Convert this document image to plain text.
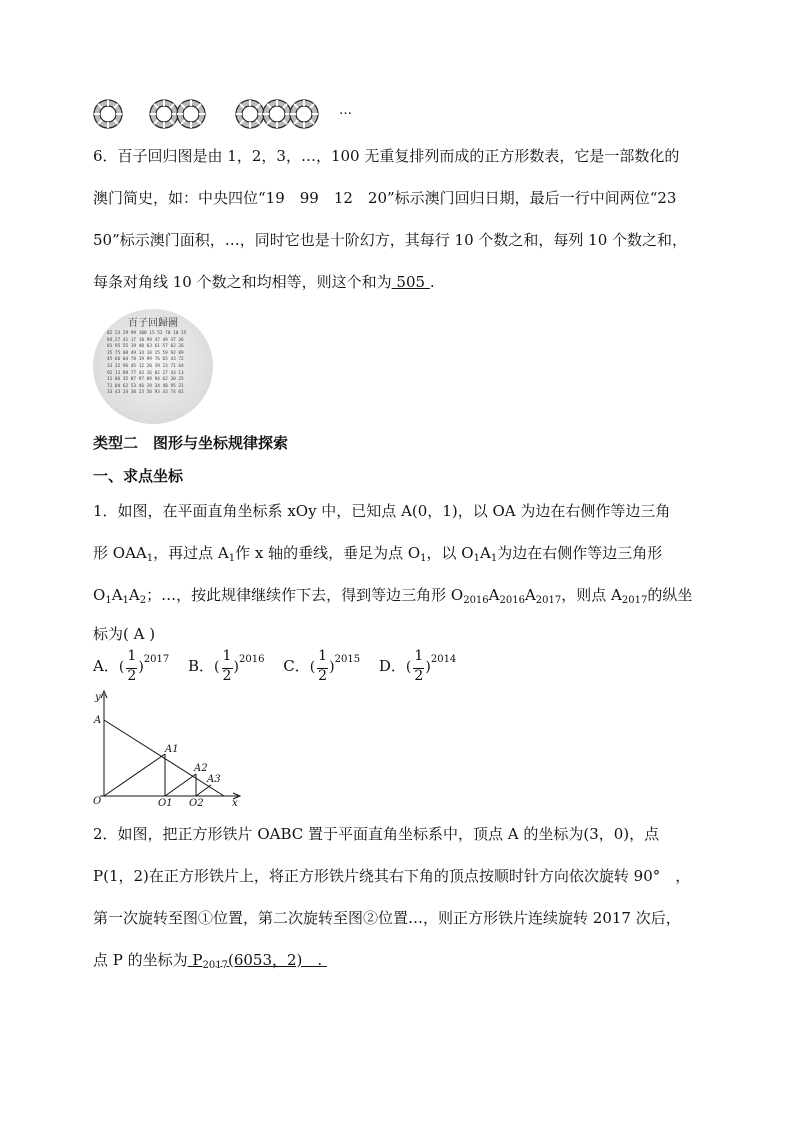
…
6．百子回归图是由 1，2，3，…，100 无重复排列而成的正方形数表，它是一部数化的
澳门简史，如：中央四位“19　99　12　20”标示澳门回归日期，最后一行中间两位“23
50”标示澳门面积，…，同时它也是十阶幻方，其每行 10 个数之和，每列 10 个数之和，
每条对角线 10 个数之和均相等，则这个和为 505 .
百子回歸圖
82 23 29 99 100 15 52 70 10 25
84 27 41 17 18 99 47 49 37 36
81 95 55 19 40 63 61 57 02 26
35 75 08 49 34 10 15 59 92 89
45 66 04 78 19 99 76 65 43 72
33 32 96 45 12 20 39 23 71 64
92 13 89 77 43 16 82 27 43 13
11 86 35 87 97 09 94 62 30 25
71 84 62 53 46 19 34 48 95 21
33 43 24 30 23 50 93 43 74 01
类型二　图形与坐标规律探索
一、求点坐标
1．如图，在平面直角坐标系 xOy 中，已知点 A(0，1)，以 OA 为边在右侧作等边三角
形 $OAA_1$，再过点 $A_1$作 x 轴的垂线，垂足为点 $O_1$，以 $O_1A_1$为边在右侧作等边三角形
$O_1A_1A_2$；…，按此规律继续作下去，得到等边三角形 $O_{2016}A_{2016}A_{2017}$，则点 $A_{2017}$的纵坐
标为( A )
A．( $\frac{1}{2} )^{2017}$ B．( $\frac{1}{2} )^{2016}$ C．( $\frac{1}{2} )^{2015}$ D．( $\frac{1}{2} )^{2014}$
y
A
O
A1
A2
A3
O1 O2	x
2．如图，把正方形铁片 OABC 置于平面直角坐标系中，顶点 A 的坐标为(3，0)，点
P(1，2)在正方形铁片上，将正方形铁片绕其右下角的顶点按顺时针方向依次旋转 90°　，
第一次旋转至图①位置，第二次旋转至图②位置…，则正方形铁片连续旋转 2017 次后，
点 P 的坐标为 $P_{2017}(6053$，2)　.
